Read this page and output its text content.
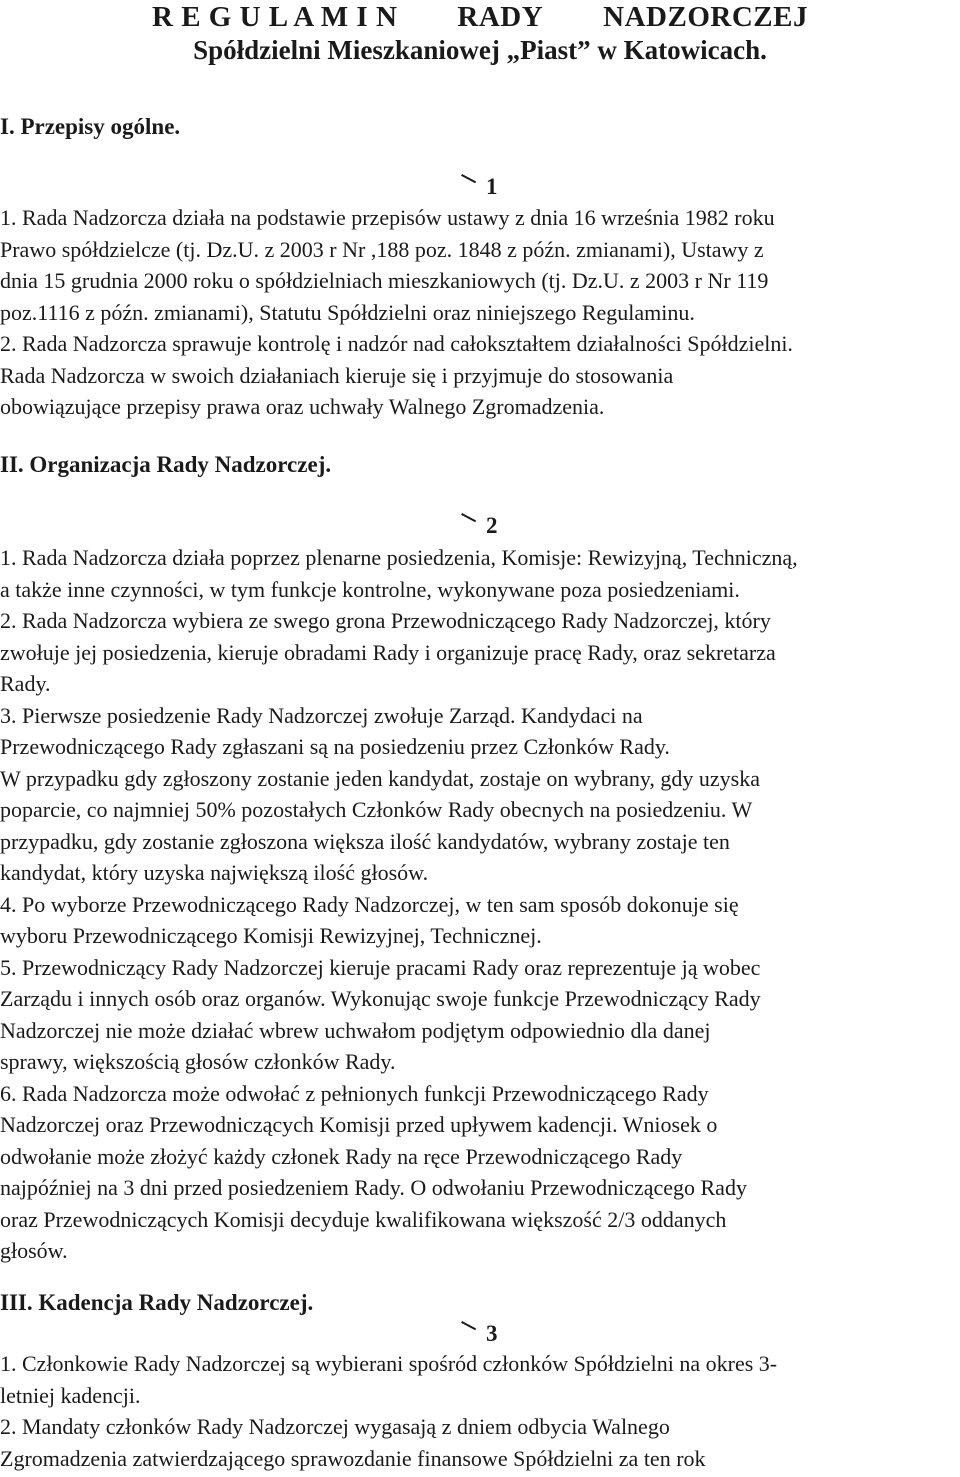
R E G U L A M I N RADY NADZORCZEJ
Spółdzielni Mieszkaniowej „Piast” w Katowicach.
I. Przepisy ogólne.
1
1. Rada Nadzorcza działa na podstawie przepisów ustawy z dnia 16 września 1982 roku
Prawo spółdzielcze (tj. Dz.U. z 2003 r Nr ,188 poz. 1848 z późn. zmianami), Ustawy z
dnia 15 grudnia 2000 roku o spółdzielniach mieszkaniowych (tj. Dz.U. z 2003 r Nr 119
poz.1116 z późn. zmianami), Statutu Spółdzielni oraz niniejszego Regulaminu.
2. Rada Nadzorcza sprawuje kontrolę i nadzór nad całokształtem działalności Spółdzielni.
Rada Nadzorcza w swoich działaniach kieruje się i przyjmuje do stosowania
obowiązujące przepisy prawa oraz uchwały Walnego Zgromadzenia.
II. Organizacja Rady Nadzorczej.
2
1. Rada Nadzorcza działa poprzez plenarne posiedzenia, Komisje: Rewizyjną, Techniczną,
a także inne czynności, w tym funkcje kontrolne, wykonywane poza posiedzeniami.
2. Rada Nadzorcza wybiera ze swego grona Przewodniczącego Rady Nadzorczej, który
zwołuje jej posiedzenia, kieruje obradami Rady i organizuje pracę Rady, oraz sekretarza
Rady.
3. Pierwsze posiedzenie Rady Nadzorczej zwołuje Zarząd. Kandydaci na
Przewodniczącego Rady zgłaszani są na posiedzeniu przez Członków Rady.
W przypadku gdy zgłoszony zostanie jeden kandydat, zostaje on wybrany, gdy uzyska
poparcie, co najmniej 50% pozostałych Członków Rady obecnych na posiedzeniu. W
przypadku, gdy zostanie zgłoszona większa ilość kandydatów, wybrany zostaje ten
kandydat, który uzyska największą ilość głosów.
4. Po wyborze Przewodniczącego Rady Nadzorczej, w ten sam sposób dokonuje się
wyboru Przewodniczącego Komisji Rewizyjnej, Technicznej.
5. Przewodniczący Rady Nadzorczej kieruje pracami Rady oraz reprezentuje ją wobec
Zarządu i innych osób oraz organów. Wykonując swoje funkcje Przewodniczący Rady
Nadzorczej nie może działać wbrew uchwałom podjętym odpowiednio dla danej
sprawy, większością głosów członków Rady.
6. Rada Nadzorcza może odwołać z pełnionych funkcji Przewodniczącego Rady
Nadzorczej oraz Przewodniczących Komisji przed upływem kadencji. Wniosek o
odwołanie może złożyć każdy członek Rady na ręce Przewodniczącego Rady
najpóźniej na 3 dni przed posiedzeniem Rady. O odwołaniu Przewodniczącego Rady
oraz Przewodniczących Komisji decyduje kwalifikowana większość 2/3 oddanych
głosów.
III. Kadencja Rady Nadzorczej.
3
1. Członkowie Rady Nadzorczej są wybierani spośród członków Spółdzielni na okres 3-
letniej kadencji.
2. Mandaty członków Rady Nadzorczej wygasają z dniem odbycia Walnego
Zgromadzenia zatwierdzającego sprawozdanie finansowe Spółdzielni za ten rok
